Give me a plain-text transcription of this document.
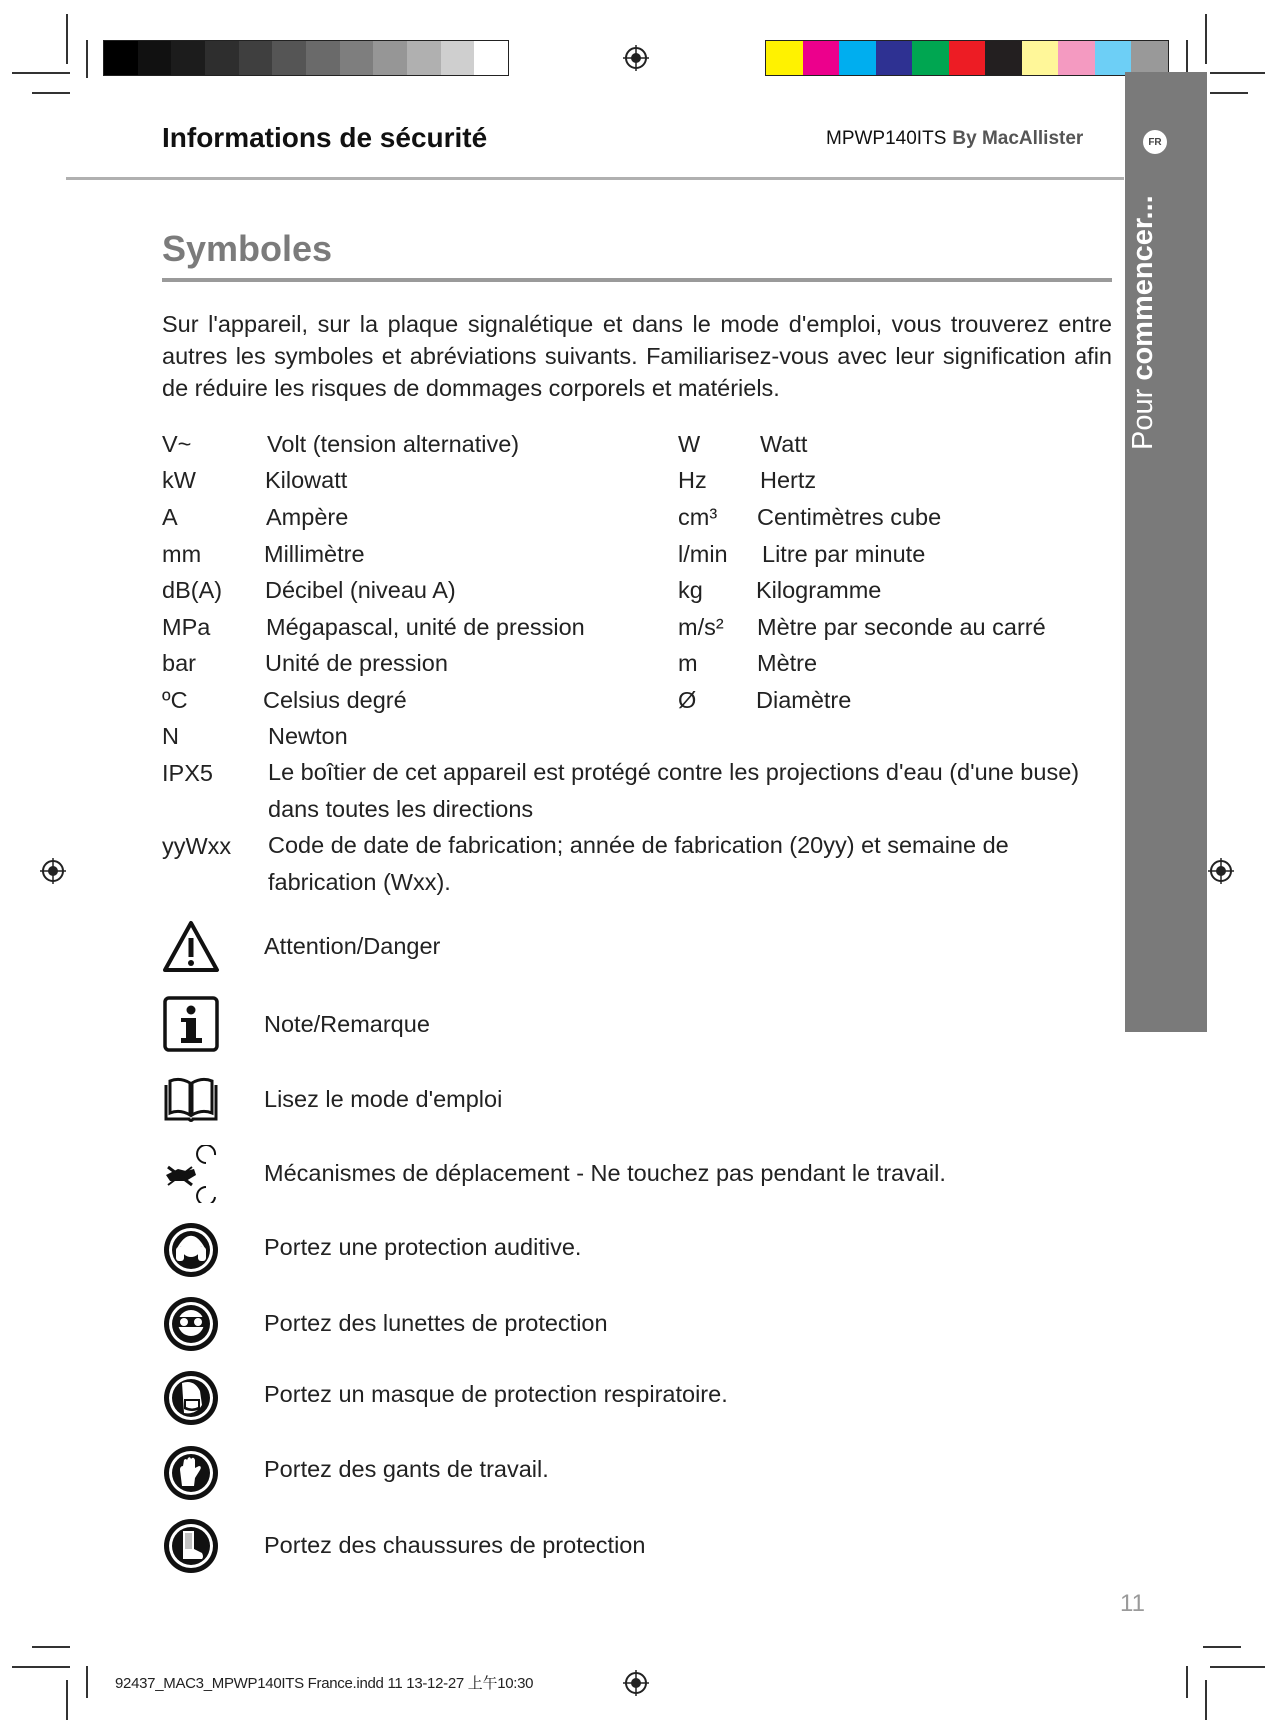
Pour commencer...
Informations de sécurité	MPWP140ITS By MacAllister	FR
Symboles
Sur l'appareil, sur la plaque signalétique et dans le mode d'emploi, vous trouverez entre autres les symboles et abréviations suivants. Familiarisez-vous avec leur signification afin de réduire les risques de dommages corporels et matériels.
V~	Volt (tension alternative)
kW	Kilowatt
A	Ampère
mm	Millimètre
dB(A) Décibel (niveau A)
MPa Mégapascal, unité de pression
bar	Unité de pression
ºC	Celsius degré
N	Newton
W	Watt
Hz Hertz
cm³ Centimètres cube
l/min Litre par minute
kg Kilogramme
m/s² Mètre par seconde au carré
m	Mètre
Ø	Diamètre
IPX5 Le boîtier de cet appareil est protégé contre les projections d'eau (d'une buse) dans toutes les directions
yyWxx Code de date de fabrication; année de fabrication (20yy) et semaine de fabrication (Wxx).
Attention/Danger
Note/Remarque
Lisez le mode d'emploi
Mécanismes de déplacement - Ne touchez pas pendant le travail.
Portez une protection auditive.
Portez des lunettes de protection
Portez un masque de protection respiratoire.
Portez des gants de travail.
Portez des chaussures de protection
11
92437_MAC3_MPWP140ITS France.indd 11 13-12-27 上午10:30
